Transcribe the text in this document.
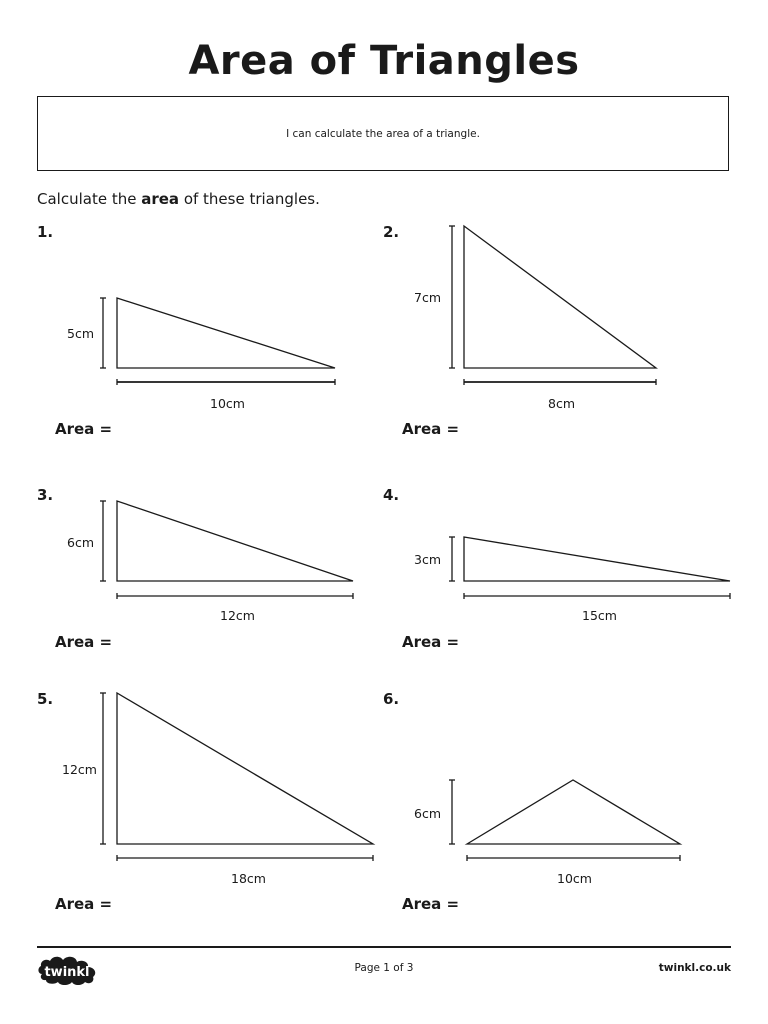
Area of Triangles
I can calculate the area of a triangle.
Calculate the area of these triangles.
1.	2.
3.	4.
5.	6.
5cm
10cm
7cm
8cm
6cm
12cm
3cm
15cm
12cm
18cm
6cm
10cm
Area =	Area =
Area =	Area =
Area =	Area =
twinkl	Page 1 of 3	twinkl.co.uk
